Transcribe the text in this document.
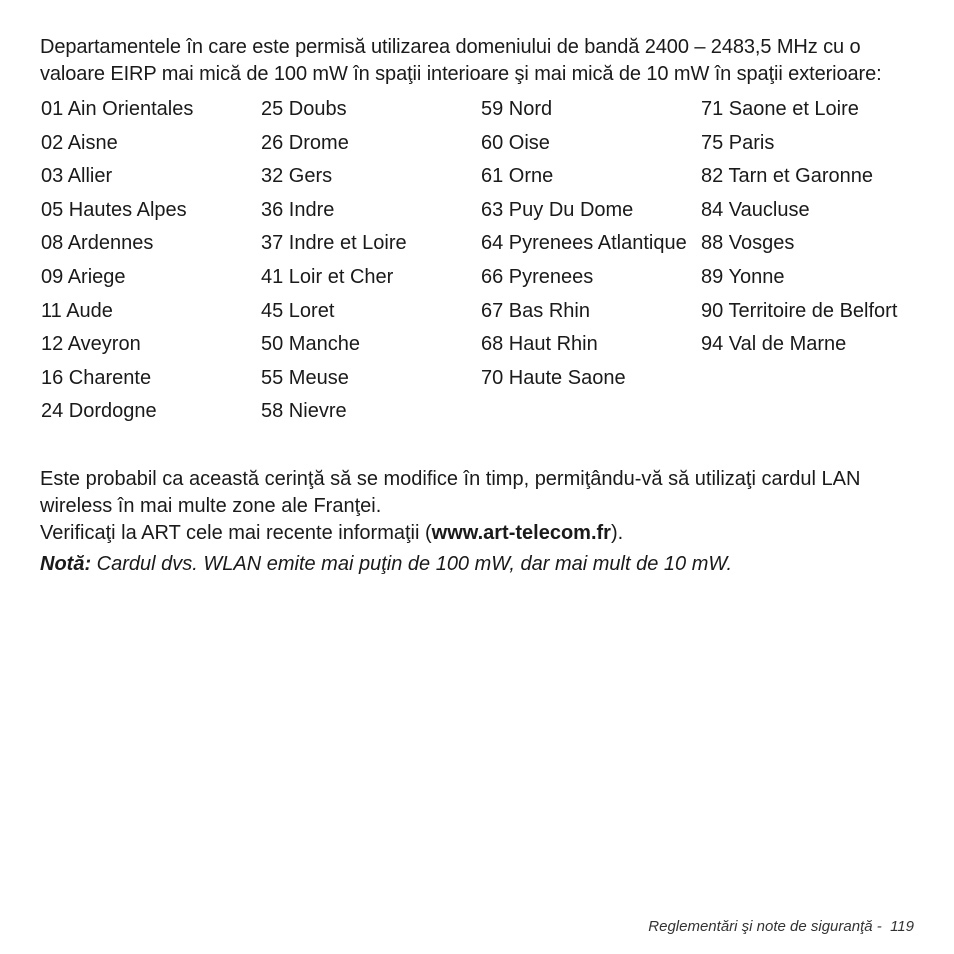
Departamentele în care este permisă utilizarea domeniului de bandă 2400 – 2483,5 MHz cu o valoare EIRP mai mică de 100 mW în spaţii interioare şi mai mică de 10 mW în spaţii exterioare:

01 Ain Orientales
02 Aisne
03 Allier
05 Hautes Alpes
08 Ardennes
09 Ariege
11 Aude
12 Aveyron
16 Charente
24 Dordogne
25 Doubs
26 Drome
32 Gers
36 Indre
37 Indre et Loire
41 Loir et Cher
45 Loret
50 Manche
55 Meuse
58 Nievre
59 Nord
60 Oise
61 Orne
63 Puy Du Dome
64 Pyrenees Atlantique
66 Pyrenees
67 Bas Rhin
68 Haut Rhin
70 Haute Saone
71 Saone et Loire
75 Paris
82 Tarn et Garonne
84 Vaucluse
88 Vosges
89 Yonne
90 Territoire de Belfort
94 Val de Marne

Este probabil ca această cerinţă să se modifice în timp, permiţându-vă să utilizaţi cardul LAN wireless în mai multe zone ale Franţei.

Verificaţi la ART cele mai recente informaţii (www.art-telecom.fr).

Notă: Cardul dvs. WLAN emite mai puţin de 100 mW, dar mai mult de 10 mW.
Reglementări şi note de siguranţă -  119
